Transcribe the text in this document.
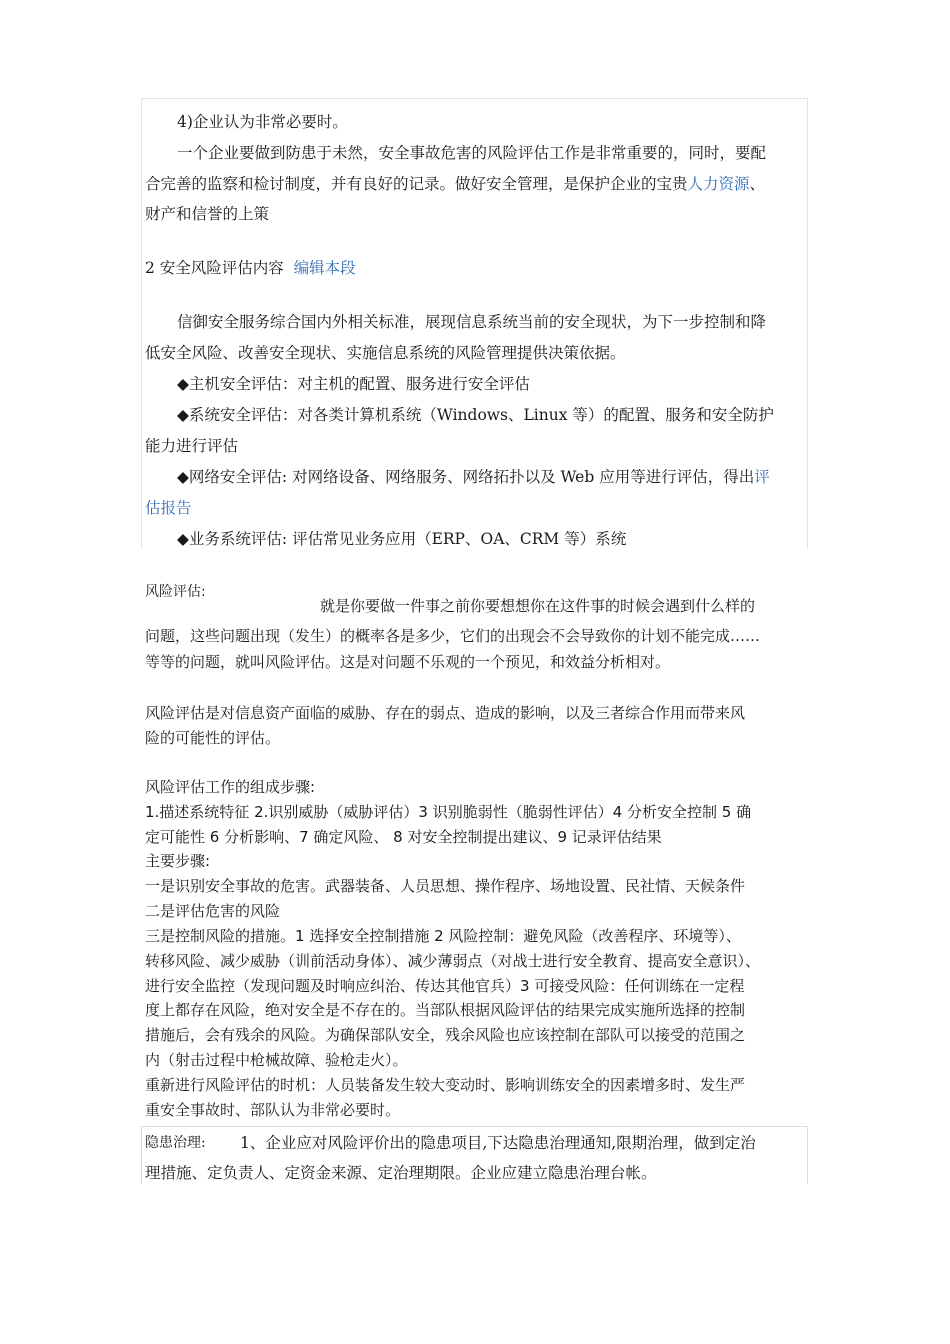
4)企业认为非常必要时。
一个企业要做到防患于未然，安全事故危害的风险评估工作是非常重要的，同时，要配
合完善的监察和检讨制度，并有良好的记录。做好安全管理，是保护企业的宝贵人力资源、
财产和信誉的上策
2 安全风险评估内容 编辑本段
信御安全服务综合国内外相关标准，展现信息系统当前的安全现状，为下一步控制和降
低安全风险、改善安全现状、实施信息系统的风险管理提供决策依据。
◆主机安全评估：对主机的配置、服务进行安全评估
◆系统安全评估：对各类计算机系统（Windows、Linux 等）的配置、服务和安全防护
能力进行评估
◆网络安全评估: 对网络设备、网络服务、网络拓扑以及 Web 应用等进行评估，得出评
估报告
◆业务系统评估: 评估常见业务应用（ERP、OA、CRM 等）系统
风险评估:
就是你要做一件事之前你要想想你在这件事的时候会遇到什么样的
问题，这些问题出现（发生）的概率各是多少，它们的出现会不会导致你的计划不能完成……
等等的问题，就叫风险评估。这是对问题不乐观的一个预见，和效益分析相对。
风险评估是对信息资产面临的威胁、存在的弱点、造成的影响，以及三者综合作用而带来风
险的可能性的评估。
风险评估工作的组成步骤:
1.描述系统特征 2.识别威胁（威胁评估）3 识别脆弱性（脆弱性评估）4 分析安全控制 5 确
定可能性 6 分析影响、7 确定风险、 8 对安全控制提出建议、9 记录评估结果
主要步骤:
一是识别安全事故的危害。武器装备、人员思想、操作程序、场地设置、民社情、天候条件
二是评估危害的风险
三是控制风险的措施。1 选择安全控制措施 2 风险控制：避免风险（改善程序、环境等）、
转移风险、减少威胁（训前活动身体）、减少薄弱点（对战士进行安全教育、提高安全意识）、
进行安全监控（发现问题及时响应纠治、传达其他官兵）3 可接受风险：任何训练在一定程
度上都存在风险，绝对安全是不存在的。当部队根据风险评估的结果完成实施所选择的控制
措施后，会有残余的风险。为确保部队安全，残余风险也应该控制在部队可以接受的范围之
内（射击过程中枪械故障、验枪走火）。
重新进行风险评估的时机：人员装备发生较大变动时、影响训练安全的因素增多时、发生严
重安全事故时、部队认为非常必要时。
隐患治理: 1、企业应对风险评价出的隐患项目,下达隐患治理通知,限期治理，做到定治
理措施、定负责人、定资金来源、定治理期限。企业应建立隐患治理台帐。
